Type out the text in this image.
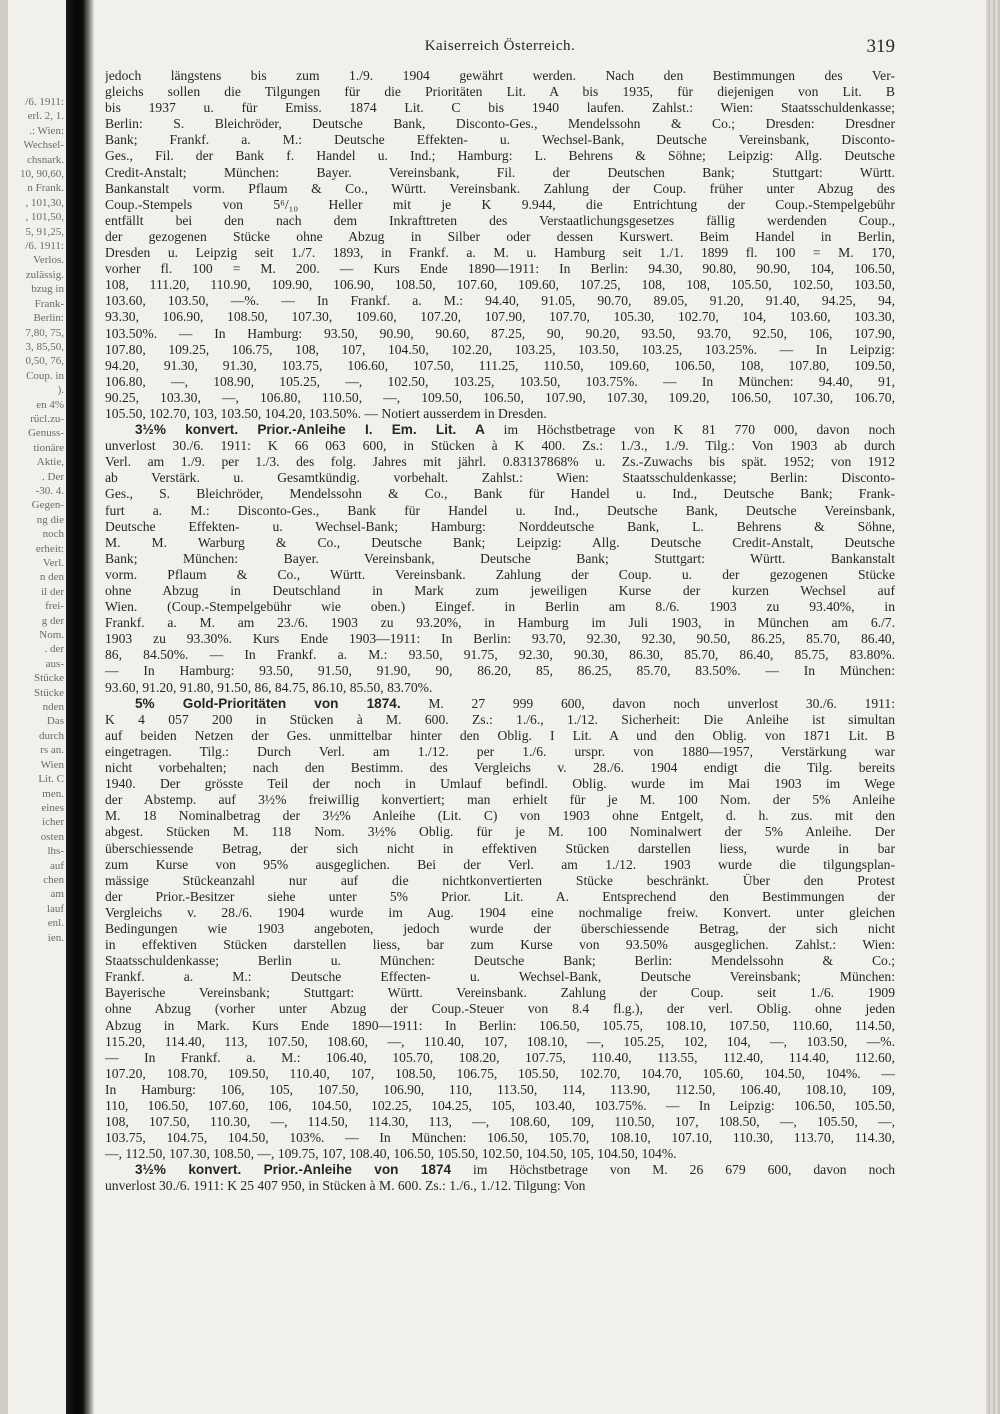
/6. 1911:
erl. 2, 1.
.: Wien:
Wechsel-
chsnark.
10, 90,60,
n Frank.
, 101,30,
, 101,50,
5, 91,25,
/6. 1911:
Verlos.
zulässig.
bzug in
Frank-
Berlin:
7,80, 75,
3, 85,50,
0,50, 76,
Coup. in
).
en 4%
rücl.zu-
Genuss-
tionäre
Aktie,
. Der
-30. 4.
Gegen-
ng die
noch
erheit:
Verl.
n den
il der
frei-
g der
Nom.
. der
aus-
Stücke
Stücke
nden
Das
durch
rs an.
Wien
Lit. C
men.
eines
icher
osten
lhs-
auf
chen
am
lauf
enl.
ien.
Kaiserreich Österreich.	319
jedoch längstens bis zum 1./9. 1904 gewährt werden. Nach den Bestimmungen des Ver-
gleichs sollen die Tilgungen für die Prioritäten Lit. A bis 1935, für diejenigen von Lit. B
bis 1937 u. für Emiss. 1874 Lit. C bis 1940 laufen. Zahlst.: Wien: Staatsschuldenkasse;
Berlin: S. Bleichröder, Deutsche Bank, Disconto-Ges., Mendelssohn & Co.; Dresden: Dresdner
Bank; Frankf. a. M.: Deutsche Effekten- u. Wechsel-Bank, Deutsche Vereinsbank, Disconto-
Ges., Fil. der Bank f. Handel u. Ind.; Hamburg: L. Behrens & Söhne; Leipzig: Allg. Deutsche
Credit-Anstalt; München: Bayer. Vereinsbank, Fil. der Deutschen Bank; Stuttgart: Württ.
Bankanstalt vorm. Pflaum & Co., Württ. Vereinsbank. Zahlung der Coup. früher unter Abzug des
Coup.-Stempels von 5⁶/₁₀ Heller mit je K 9.944, die Entrichtung der Coup.-Stempelgebühr
entfällt bei den nach dem Inkrafttreten des Verstaatlichungsgesetzes fällig werdenden Coup.,
der gezogenen Stücke ohne Abzug in Silber oder dessen Kurswert. Beim Handel in Berlin,
Dresden u. Leipzig seit 1./7. 1893, in Frankf. a. M. u. Hamburg seit 1./1. 1899 fl. 100 = M. 170,
vorher fl. 100 = M. 200. — Kurs Ende 1890—1911: In Berlin: 94.30, 90.80, 90.90, 104, 106.50,
108, 111.20, 110.90, 109.90, 106.90, 108.50, 107.60, 109.60, 107.25, 108, 108, 105.50, 102.50, 103.50,
103.60, 103.50, —%. — In Frankf. a. M.: 94.40, 91.05, 90.70, 89.05, 91.20, 91.40, 94.25, 94,
93.30, 106.90, 108.50, 107.30, 109.60, 107.20, 107.90, 107.70, 105.30, 102.70, 104, 103.60, 103.30,
103.50%. — In Hamburg: 93.50, 90.90, 90.60, 87.25, 90, 90.20, 93.50, 93.70, 92.50, 106, 107.90,
107.80, 109.25, 106.75, 108, 107, 104.50, 102.20, 103.25, 103.50, 103.25, 103.25%. — In Leipzig:
94.20, 91.30, 91.30, 103.75, 106.60, 107.50, 111.25, 110.50, 109.60, 106.50, 108, 107.80, 109.50,
106.80, —, 108.90, 105.25, —, 102.50, 103.25, 103.50, 103.75%. — In München: 94.40, 91,
90.25, 103.30, —, 106.80, 110.50, —, 109.50, 106.50, 107.90, 107.30, 109.20, 106.50, 107.30, 106.70,
105.50, 102.70, 103, 103.50, 104.20, 103.50%. — Notiert ausserdem in Dresden.
3½% konvert. Prior.-Anleihe I. Em. Lit. A im Höchstbetrage von K 81 770 000, davon noch
unverlost 30./6. 1911: K 66 063 600, in Stücken à K 400. Zs.: 1./3., 1./9. Tilg.: Von 1903 ab durch
Verl. am 1./9. per 1./3. des folg. Jahres mit jährl. 0.83137868% u. Zs.-Zuwachs bis spät. 1952; von 1912
ab Verstärk. u. Gesamtkündig. vorbehalt. Zahlst.: Wien: Staatsschuldenkasse; Berlin: Disconto-
Ges., S. Bleichröder, Mendelssohn & Co., Bank für Handel u. Ind., Deutsche Bank; Frank-
furt a. M.: Disconto-Ges., Bank für Handel u. Ind., Deutsche Bank, Deutsche Vereinsbank,
Deutsche Effekten- u. Wechsel-Bank; Hamburg: Norddeutsche Bank, L. Behrens & Söhne,
M. M. Warburg & Co., Deutsche Bank; Leipzig: Allg. Deutsche Credit-Anstalt, Deutsche
Bank; München: Bayer. Vereinsbank, Deutsche Bank; Stuttgart: Württ. Bankanstalt
vorm. Pflaum & Co., Württ. Vereinsbank. Zahlung der Coup. u. der gezogenen Stücke
ohne Abzug in Deutschland in Mark zum jeweiligen Kurse der kurzen Wechsel auf
Wien. (Coup.-Stempelgebühr wie oben.) Eingef. in Berlin am 8./6. 1903 zu 93.40%, in
Frankf. a. M. am 23./6. 1903 zu 93.20%, in Hamburg im Juli 1903, in München am 6./7.
1903 zu 93.30%. Kurs Ende 1903—1911: In Berlin: 93.70, 92.30, 92.30, 90.50, 86.25, 85.70, 86.40,
86, 84.50%. — In Frankf. a. M.: 93.50, 91.75, 92.30, 90.30, 86.30, 85.70, 86.40, 85.75, 83.80%.
— In Hamburg: 93.50, 91.50, 91.90, 90, 86.20, 85, 86.25, 85.70, 83.50%. — In München:
93.60, 91.20, 91.80, 91.50, 86, 84.75, 86.10, 85.50, 83.70%.
5% Gold-Prioritäten von 1874. M. 27 999 600, davon noch unverlost 30./6. 1911:
K 4 057 200 in Stücken à M. 600. Zs.: 1./6., 1./12. Sicherheit: Die Anleihe ist simultan
auf beiden Netzen der Ges. unmittelbar hinter den Oblig. I Lit. A und den Oblig. von 1871 Lit. B
eingetragen. Tilg.: Durch Verl. am 1./12. per 1./6. urspr. von 1880—1957, Verstärkung war
nicht vorbehalten; nach den Bestimm. des Vergleichs v. 28./6. 1904 endigt die Tilg. bereits
1940. Der grösste Teil der noch in Umlauf befindl. Oblig. wurde im Mai 1903 im Wege
der Abstemp. auf 3½% freiwillig konvertiert; man erhielt für je M. 100 Nom. der 5% Anleihe
M. 18 Nominalbetrag der 3½% Anleihe (Lit. C) von 1903 ohne Entgelt, d. h. zus. mit den
abgest. Stücken M. 118 Nom. 3½% Oblig. für je M. 100 Nominalwert der 5% Anleihe. Der
überschiessende Betrag, der sich nicht in effektiven Stücken darstellen liess, wurde in bar
zum Kurse von 95% ausgeglichen. Bei der Verl. am 1./12. 1903 wurde die tilgungsplan-
mässige Stückeanzahl nur auf die nichtkonvertierten Stücke beschränkt. Über den Protest
der Prior.-Besitzer siehe unter 5% Prior. Lit. A. Entsprechend den Bestimmungen der
Vergleichs v. 28./6. 1904 wurde im Aug. 1904 eine nochmalige freiw. Konvert. unter gleichen
Bedingungen wie 1903 angeboten, jedoch wurde der überschiessende Betrag, der sich nicht
in effektiven Stücken darstellen liess, bar zum Kurse von 93.50% ausgeglichen. Zahlst.: Wien:
Staatsschuldenkasse; Berlin u. München: Deutsche Bank; Berlin: Mendelssohn & Co.;
Frankf. a. M.: Deutsche Effecten- u. Wechsel-Bank, Deutsche Vereinsbank; München:
Bayerische Vereinsbank; Stuttgart: Württ. Vereinsbank. Zahlung der Coup. seit 1./6. 1909
ohne Abzug (vorher unter Abzug der Coup.-Steuer von 8.4 fl.g.), der verl. Oblig. ohne jeden
Abzug in Mark. Kurs Ende 1890—1911: In Berlin: 106.50, 105.75, 108.10, 107.50, 110.60, 114.50,
115.20, 114.40, 113, 107.50, 108.60, —, 110.40, 107, 108.10, —, 105.25, 102, 104, —, 103.50, —%.
— In Frankf. a. M.: 106.40, 105.70, 108.20, 107.75, 110.40, 113.55, 112.40, 114.40, 112.60,
107.20, 108.70, 109.50, 110.40, 107, 108.50, 106.75, 105.50, 102.70, 104.70, 105.60, 104.50, 104%. —
In Hamburg: 106, 105, 107.50, 106.90, 110, 113.50, 114, 113.90, 112.50, 106.40, 108.10, 109,
110, 106.50, 107.60, 106, 104.50, 102.25, 104.25, 105, 103.40, 103.75%. — In Leipzig: 106.50, 105.50,
108, 107.50, 110.30, —, 114.50, 114.30, 113, —, 108.60, 109, 110.50, 107, 108.50, —, 105.50, —,
103.75, 104.75, 104.50, 103%. — In München: 106.50, 105.70, 108.10, 107.10, 110.30, 113.70, 114.30,
—, 112.50, 107.30, 108.50, —, 109.75, 107, 108.40, 106.50, 105.50, 102.50, 104.50, 105, 104.50, 104%.
3½% konvert. Prior.-Anleihe von 1874 im Höchstbetrage von M. 26 679 600, davon noch
unverlost 30./6. 1911: K 25 407 950, in Stücken à M. 600. Zs.: 1./6., 1./12. Tilgung: Von
